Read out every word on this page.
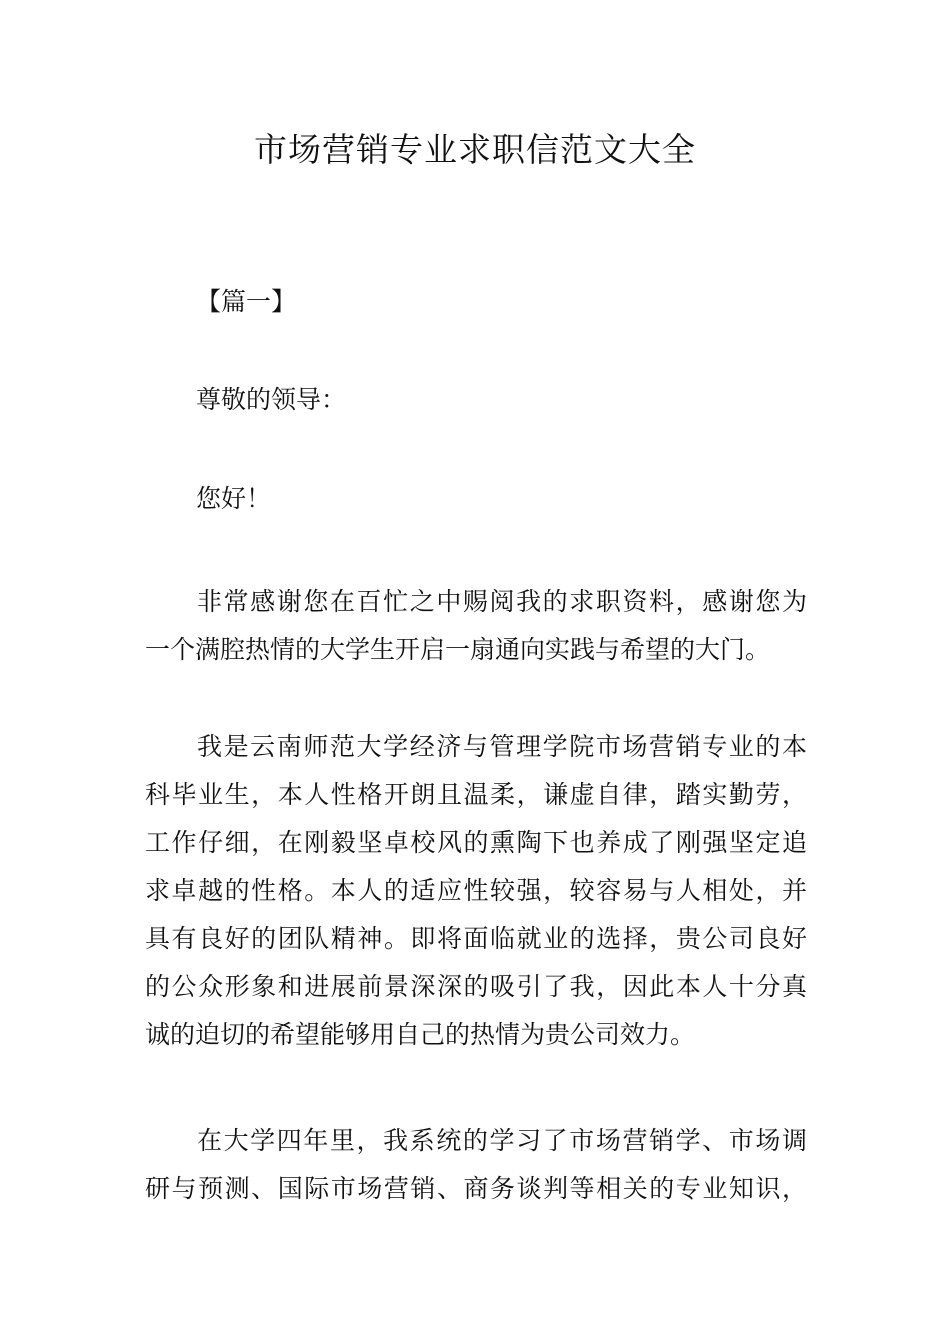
市场营销专业求职信范文大全

【篇一】

尊敬的领导：

您好！

非常感谢您在百忙之中赐阅我的求职资料，感谢您为
一个满腔热情的大学生开启一扇通向实践与希望的大门。
我是云南师范大学经济与管理学院市场营销专业的本
科毕业生，本人性格开朗且温柔，谦虚自律，踏实勤劳，
工作仔细，在刚毅坚卓校风的熏陶下也养成了刚强坚定追
求卓越的性格。本人的适应性较强，较容易与人相处，并
具有良好的团队精神。即将面临就业的选择，贵公司良好
的公众形象和进展前景深深的吸引了我，因此本人十分真
诚的迫切的希望能够用自己的热情为贵公司效力。
在大学四年里，我系统的学习了市场营销学、市场调
研与预测、国际市场营销、商务谈判等相关的专业知识，
